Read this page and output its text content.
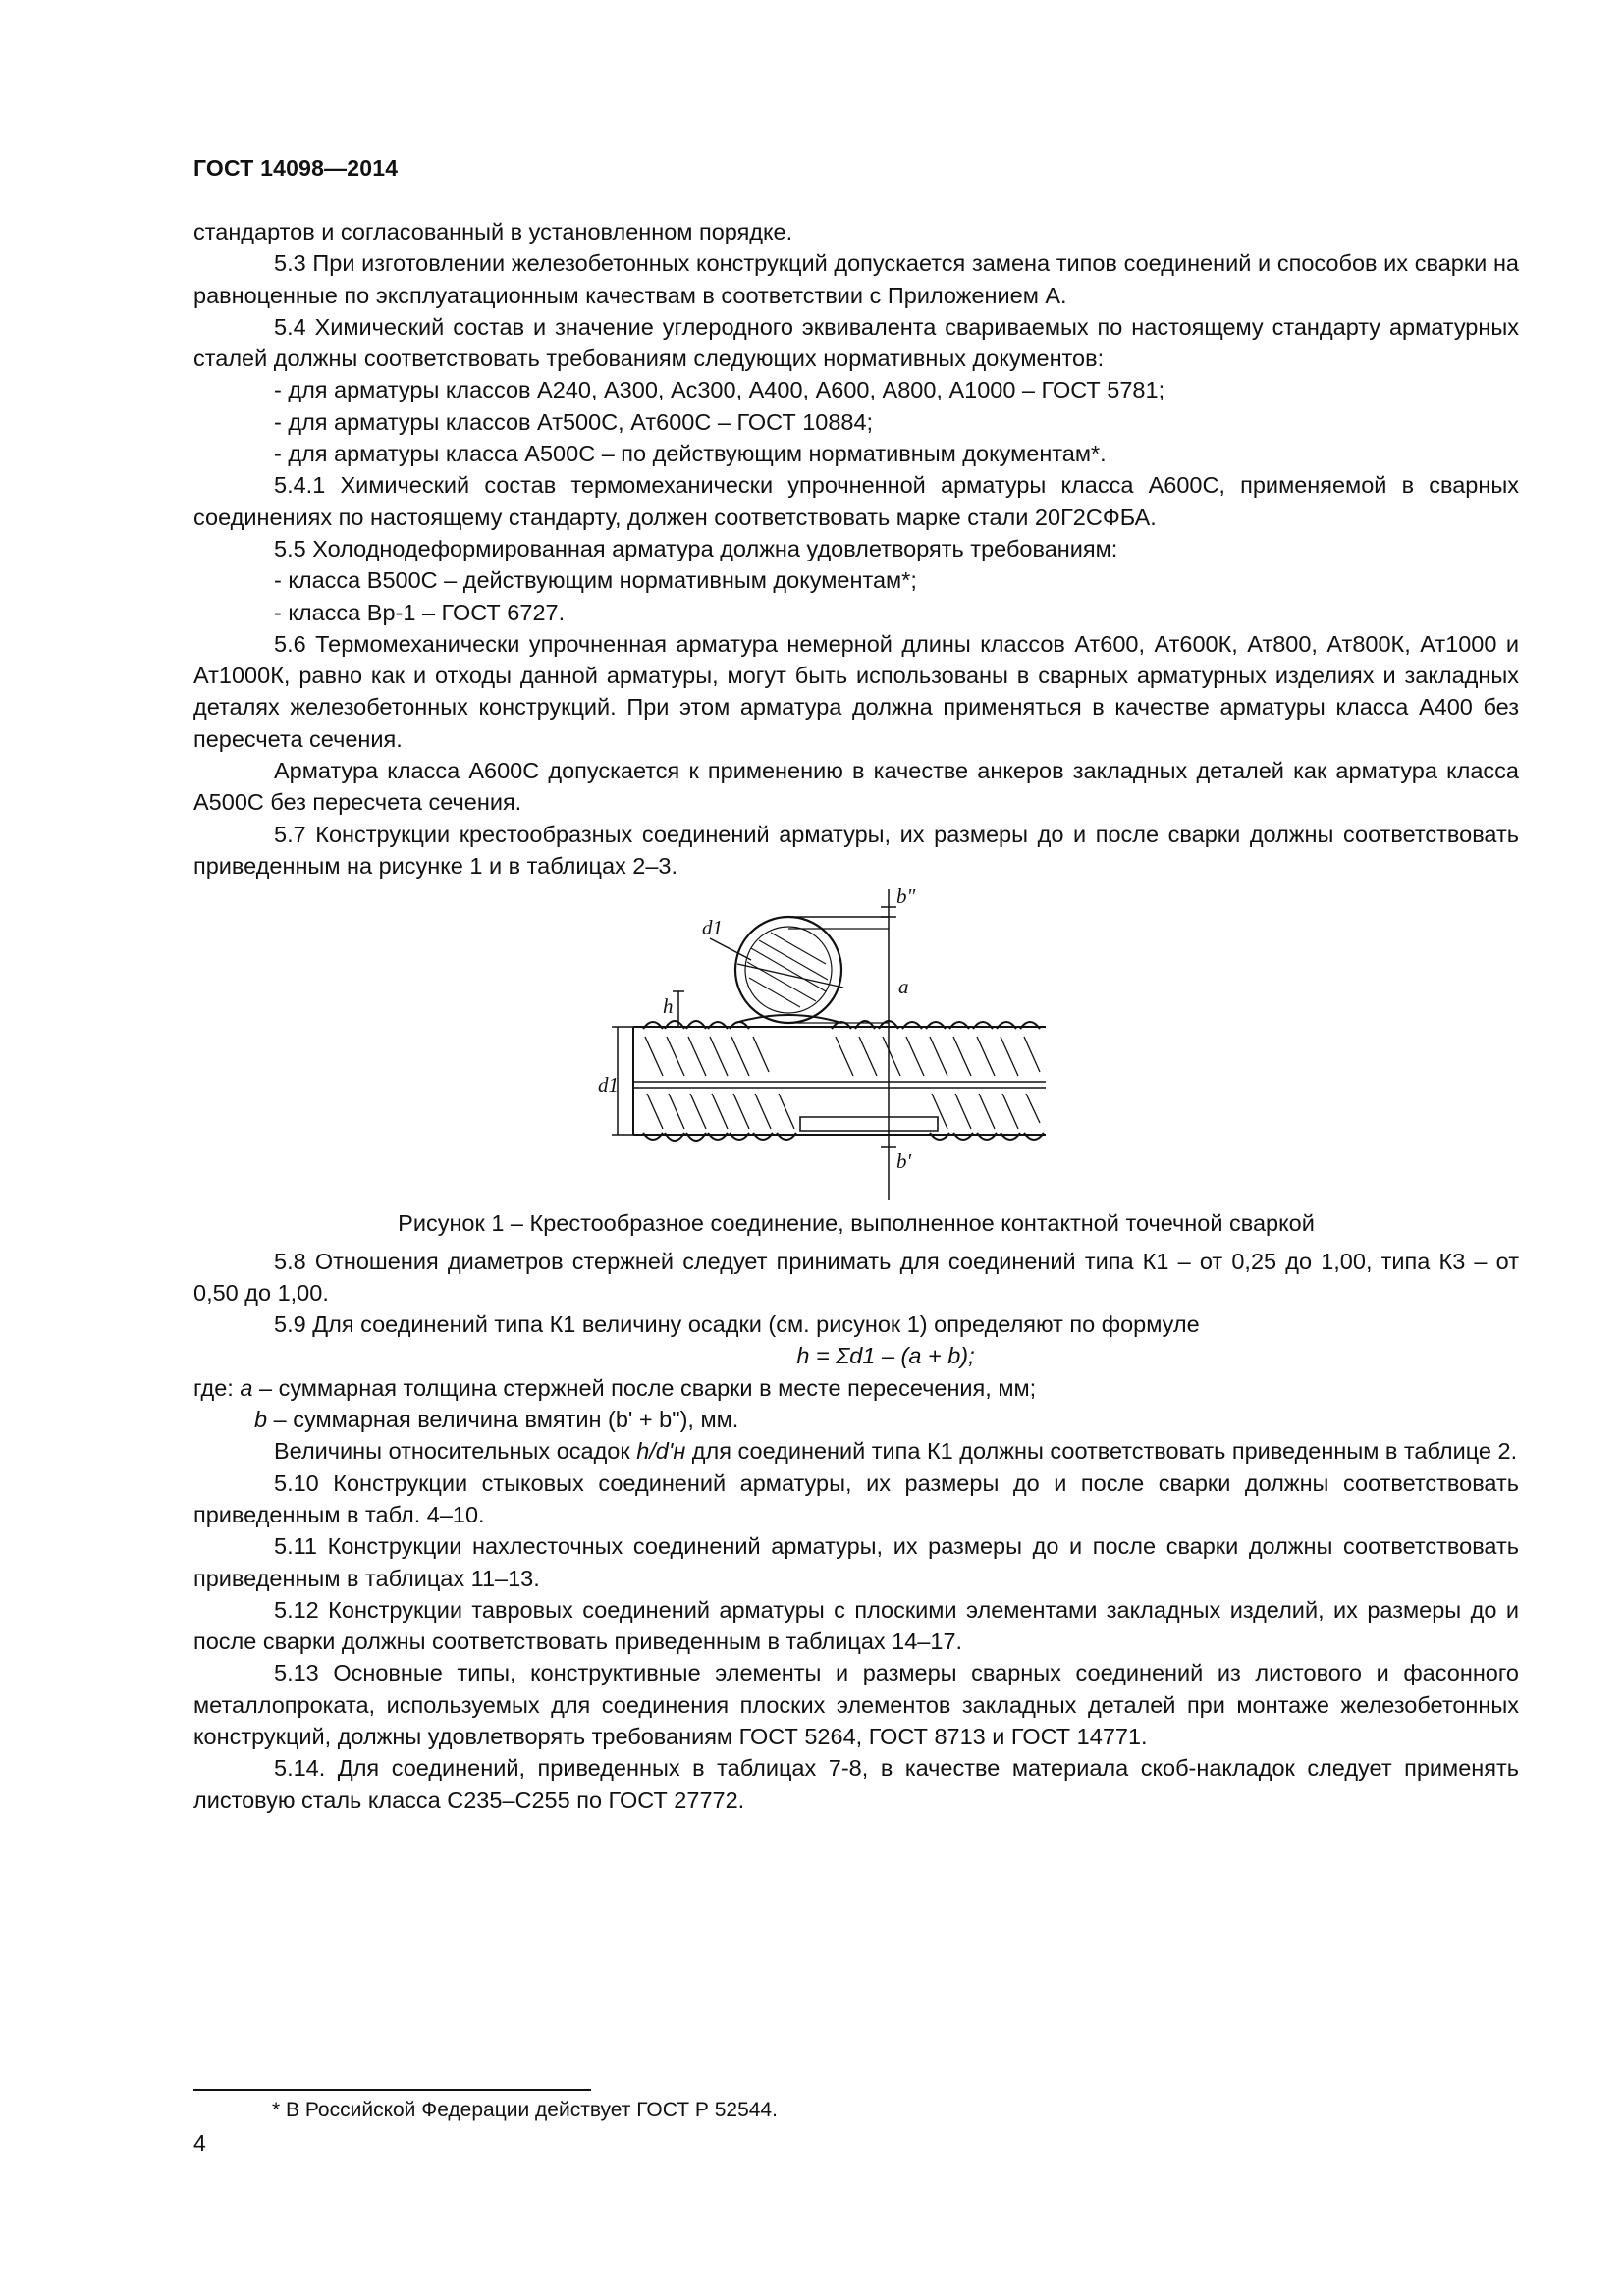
ГОСТ 14098—2014

стандартов и согласованный в установленном порядке.

5.3 При изготовлении железобетонных конструкций допускается замена типов соединений и способов их сварки на равноценные по эксплуатационным качествам в соответствии с Приложением А.

5.4 Химический состав и значение углеродного эквивалента свариваемых по настоящему стандарту арматурных сталей должны соответствовать требованиям следующих нормативных документов:

- для арматуры классов А240, А300, Ас300, А400, А600, А800, А1000 – ГОСТ 5781;

- для арматуры классов Ат500С, Ат600С – ГОСТ 10884;

- для арматуры класса А500С – по действующим нормативным документам*.

5.4.1 Химический состав термомеханически упрочненной арматуры класса А600С, применяемой в сварных соединениях по настоящему стандарту, должен соответствовать марке стали 20Г2СФБА.

5.5 Холоднодеформированная арматура должна удовлетворять требованиям:

- класса В500С – действующим нормативным документам*;

- класса Вр-1 – ГОСТ 6727.

5.6 Термомеханически упрочненная арматура немерной длины классов Ат600, Ат600К, Ат800, Ат800К, Ат1000 и Ат1000К, равно как и отходы данной арматуры, могут быть использованы в сварных арматурных изделиях и закладных деталях железобетонных конструкций. При этом арматура должна применяться в качестве арматуры класса А400 без пересчета сечения.

Арматура класса А600С допускается к применению в качестве анкеров закладных деталей как арматура класса А500С без пересчета сечения.

5.7 Конструкции крестообразных соединений арматуры, их размеры до и после сварки должны соответствовать приведенным на рисунке 1 и в таблицах 2–3.

d1
h
a
b"
b'
d1

Рисунок 1 – Крестообразное соединение, выполненное контактной точечной сваркой

5.8 Отношения диаметров стержней следует принимать для соединений типа К1 – от 0,25 до 1,00, типа К3 – от 0,50 до 1,00.

5.9 Для соединений типа К1 величину осадки (см. рисунок 1) определяют по формуле

h = Σd1 – (a + b);

где: a – суммарная толщина стержней после сварки в месте пересечения, мм;

b – суммарная величина вмятин (b' + b"), мм.

Величины относительных осадок h/d'н для соединений типа К1 должны соответствовать приведенным в таблице 2.

5.10 Конструкции стыковых соединений арматуры, их размеры до и после сварки должны соответствовать приведенным в табл. 4–10.

5.11 Конструкции нахлесточных соединений арматуры, их размеры до и после сварки должны соответствовать приведенным в таблицах 11–13.

5.12 Конструкции тавровых соединений арматуры с плоскими элементами закладных изделий, их размеры до и после сварки должны соответствовать приведенным в таблицах 14–17.

5.13 Основные типы, конструктивные элементы и размеры сварных соединений из листового и фасонного металлопроката, используемых для соединения плоских элементов закладных деталей при монтаже железобетонных конструкций, должны удовлетворять требованиям ГОСТ 5264, ГОСТ 8713 и ГОСТ 14771.

5.14. Для соединений, приведенных в таблицах 7-8, в качестве материала скоб-накладок следует применять листовую сталь класса С235–С255 по ГОСТ 27772.

* В Российской Федерации действует ГОСТ Р 52544.
4
